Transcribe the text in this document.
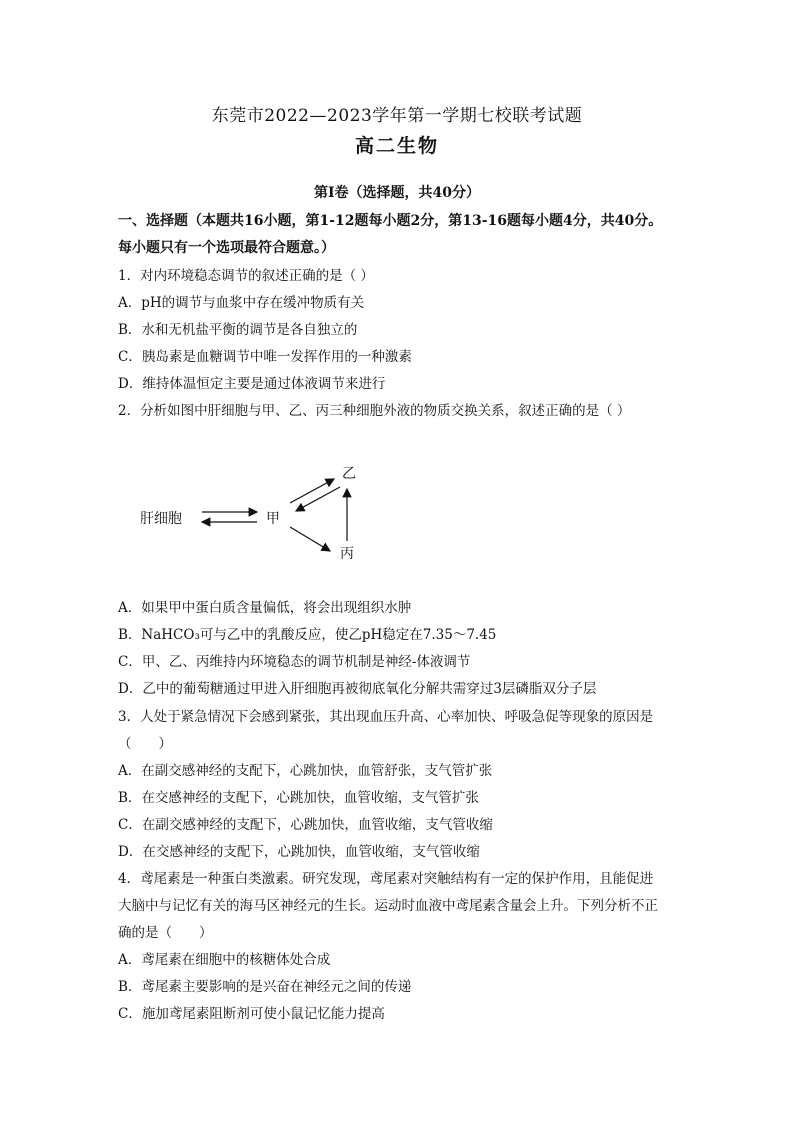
东莞市2022—2023学年第一学期七校联考试题
高二生物
第Ⅰ卷（选择题，共40分）
一、选择题（本题共16小题，第1-12题每小题2分，第13-16题每小题4分，共40分。
每小题只有一个选项最符合题意。）
1．对内环境稳态调节的叙述正确的是（ ）
A．pH的调节与血浆中存在缓冲物质有关
B．水和无机盐平衡的调节是各自独立的
C．胰岛素是血糖调节中唯一发挥作用的一种激素
D．维持体温恒定主要是通过体液调节来进行
2．分析如图中肝细胞与甲、乙、丙三种细胞外液的物质交换关系，叙述正确的是（ ）
肝细胞	甲
乙
丙
A．如果甲中蛋白质含量偏低，将会出现组织水肿
B．NaHCO₃可与乙中的乳酸反应，使乙pH稳定在7.35～7.45
C．甲、乙、丙维持内环境稳态的调节机制是神经-体液调节
D．乙中的葡萄糖通过甲进入肝细胞再被彻底氧化分解共需穿过3层磷脂双分子层
3．人处于紧急情况下会感到紧张，其出现血压升高、心率加快、呼吸急促等现象的原因是
（　　）
A．在副交感神经的支配下，心跳加快，血管舒张，支气管扩张
B．在交感神经的支配下，心跳加快，血管收缩，支气管扩张
C．在副交感神经的支配下，心跳加快，血管收缩，支气管收缩
D．在交感神经的支配下，心跳加快，血管收缩，支气管收缩
4．鸢尾素是一种蛋白类激素。研究发现，鸢尾素对突触结构有一定的保护作用，且能促进
大脑中与记忆有关的海马区神经元的生长。运动时血液中鸢尾素含量会上升。下列分析不正
确的是（　　）
A．鸢尾素在细胞中的核糖体处合成
B．鸢尾素主要影响的是兴奋在神经元之间的传递
C．施加鸢尾素阻断剂可使小鼠记忆能力提高
